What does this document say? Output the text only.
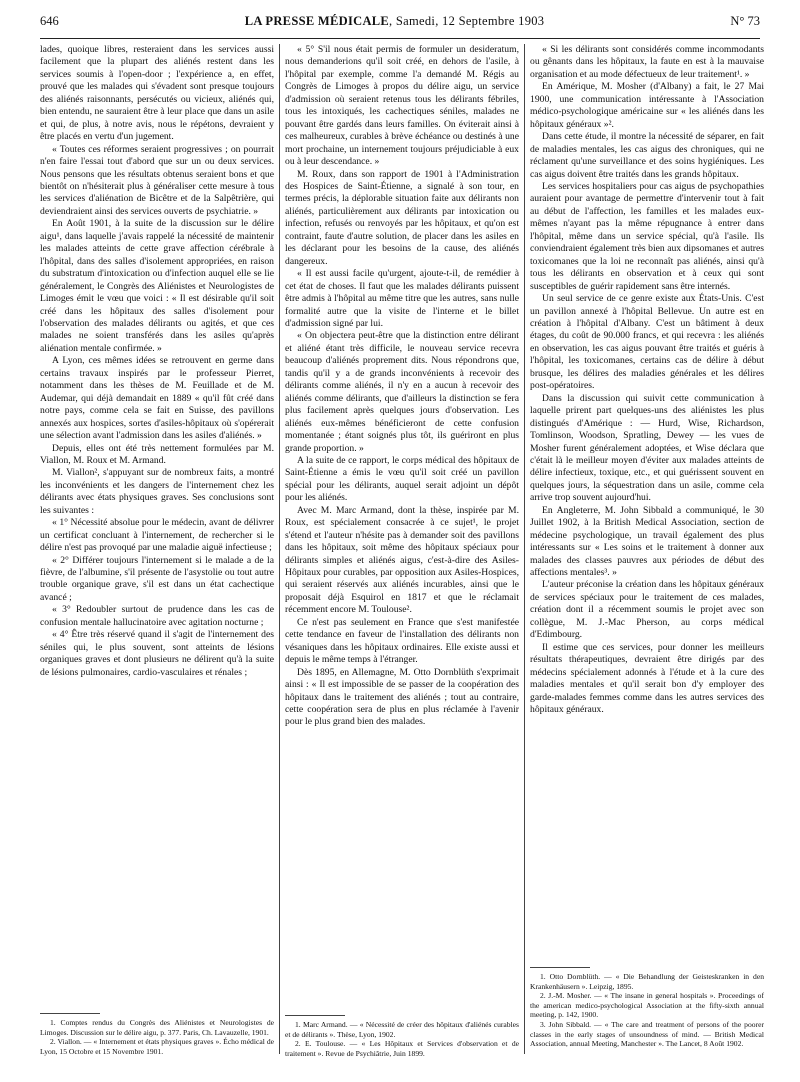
646	LA PRESSE MÉDICALE, Samedi, 12 Septembre 1903	N° 73

lades, quoique libres, resteraient dans les services aussi facilement que la plupart des aliénés restent dans les services soumis à l'open-door ; l'expérience a, en effet, prouvé que les malades qui s'évadent sont presque toujours des aliénés raisonnants, persécutés ou vicieux, aliénés qui, bien entendu, ne sauraient être à leur place que dans un asile et qui, de plus, à notre avis, nous le répétons, devraient y être placés en vertu d'un jugement.

« Toutes ces réformes seraient progressives ; on pourrait n'en faire l'essai tout d'abord que sur un ou deux services. Nous pensons que les résultats obtenus seraient bons et que bientôt on n'hésiterait plus à généraliser cette mesure à tous les services d'aliénation de Bicêtre et de la Salpêtrière, qui deviendraient ainsi des services ouverts de psychiatrie. »

En Août 1901, à la suite de la discussion sur le délire aigu¹, dans laquelle j'avais rappelé la nécessité de maintenir les malades atteints de cette grave affection cérébrale à l'hôpital, dans des salles d'isolement appropriées, en raison du substratum d'intoxication ou d'infection auquel elle se lie généralement, le Congrès des Aliénistes et Neurologistes de Limoges émit le vœu que voici : « Il est désirable qu'il soit créé dans les hôpitaux des salles d'isolement pour l'observation des malades délirants ou agités, et que ces malades ne soient transférés dans les asiles qu'après aliénation mentale confirmée. »

A Lyon, ces mêmes idées se retrouvent en germe dans certains travaux inspirés par le professeur Pierret, notamment dans les thèses de M. Feuillade et de M. Audemar, qui déjà demandait en 1889 « qu'il fût créé dans notre pays, comme cela se fait en Suisse, des pavillons annexés aux hospices, sortes d'asiles-hôpitaux où s'opérerait une sélection avant l'admission dans les asiles d'aliénés. »

Depuis, elles ont été très nettement formulées par M. Viallon, M. Roux et M. Armand.

M. Viallon², s'appuyant sur de nombreux faits, a montré les inconvénients et les dangers de l'internement chez les délirants avec états physiques graves. Ses conclusions sont les suivantes :

« 1° Nécessité absolue pour le médecin, avant de délivrer un certificat concluant à l'internement, de rechercher si le délire n'est pas provoqué par une maladie aiguë infectieuse ;

« 2° Différer toujours l'internement si le malade a de la fièvre, de l'albumine, s'il présente de l'asystolie ou tout autre trouble organique grave, s'il est dans un état cachectique avancé ;

« 3° Redoubler surtout de prudence dans les cas de confusion mentale hallucinatoire avec agitation nocturne ;

« 4° Être très réservé quand il s'agit de l'internement des séniles qui, le plus souvent, sont atteints de lésions organiques graves et dont plusieurs ne délirent qu'à la suite de lésions pulmonaires, cardio-vasculaires et rénales ;

« 5° S'il nous était permis de formuler un desideratum, nous demanderions qu'il soit créé, en dehors de l'asile, à l'hôpital par exemple, comme l'a demandé M. Régis au Congrès de Limoges à propos du délire aigu, un service d'admission où seraient retenus tous les délirants fébriles, tous les intoxiqués, les cachectiques séniles, malades ne pouvant être gardés dans leurs familles. On éviterait ainsi à ces malheureux, curables à brève échéance ou destinés à une mort prochaine, un internement toujours préjudiciable à eux ou à leur descendance. »

M. Roux, dans son rapport de 1901 à l'Administration des Hospices de Saint-Étienne, a signalé à son tour, en termes précis, la déplorable situation faite aux délirants non aliénés, particulièrement aux délirants par intoxication ou infection, refusés ou renvoyés par les hôpitaux, et qu'on est contraint, faute d'autre solution, de placer dans les asiles en les déclarant pour les besoins de la cause, des aliénés dangereux.

« Il est aussi facile qu'urgent, ajoute-t-il, de remédier à cet état de choses. Il faut que les malades délirants puissent être admis à l'hôpital au même titre que les autres, sans nulle formalité autre que la visite de l'interne et le billet d'admission signé par lui.

« On objectera peut-être que la distinction entre délirant et aliéné étant très difficile, le nouveau service recevra beaucoup d'aliénés proprement dits. Nous répondrons que, tandis qu'il y a de grands inconvénients à recevoir des délirants comme aliénés, il n'y en a aucun à recevoir des aliénés comme délirants, que d'ailleurs la distinction se fera plus facilement après quelques jours d'observation. Les aliénés eux-mêmes bénéficieront de cette confusion momentanée ; étant soignés plus tôt, ils guériront en plus grande proportion. »

A la suite de ce rapport, le corps médical des hôpitaux de Saint-Étienne a émis le vœu qu'il soit créé un pavillon spécial pour les délirants, auquel serait adjoint un dépôt pour les aliénés.

Avec M. Marc Armand, dont la thèse, inspirée par M. Roux, est spécialement consacrée à ce sujet¹, le projet s'étend et l'auteur n'hésite pas à demander soit des pavillons dans les hôpitaux, soit même des hôpitaux spéciaux pour délirants simples et aliénés aigus, c'est-à-dire des Asiles-Hôpitaux pour curables, par opposition aux Asiles-Hospices, qui seraient réservés aux aliénés incurables, ainsi que le proposait déjà Esquirol en 1817 et que le réclamait récemment encore M. Toulouse².

Ce n'est pas seulement en France que s'est manifestée cette tendance en faveur de l'installation des délirants non vésaniques dans les hôpitaux ordinaires. Elle existe aussi et depuis le même temps à l'étranger.

Dès 1895, en Allemagne, M. Otto Dornblüth s'exprimait ainsi : « Il est impossible de se passer de la coopération des hôpitaux dans le traitement des aliénés ; tout au contraire, cette coopération sera de plus en plus réclamée à l'avenir pour le plus grand bien des malades.

« Si les délirants sont considérés comme incommodants ou gênants dans les hôpitaux, la faute en est à la mauvaise organisation et au mode défectueux de leur traitement¹. »

En Amérique, M. Mosher (d'Albany) a fait, le 27 Mai 1900, une communication intéressante à l'Association médico-psychologique américaine sur « les aliénés dans les hôpitaux généraux »².

Dans cette étude, il montre la nécessité de séparer, en fait de maladies mentales, les cas aigus des chroniques, qui ne réclament qu'une surveillance et des soins hygiéniques. Les cas aigus doivent être traités dans les grands hôpitaux.

Les services hospitaliers pour cas aigus de psychopathies auraient pour avantage de permettre d'intervenir tout à fait au début de l'affection, les familles et les malades eux-mêmes n'ayant pas la même répugnance à entrer dans l'hôpital, même dans un service spécial, qu'à l'asile. Ils conviendraient également très bien aux dipsomanes et autres toxicomanes que la loi ne reconnaît pas aliénés, ainsi qu'à tous les délirants en observation et à ceux qui sont susceptibles de guérir rapidement sans être internés.

Un seul service de ce genre existe aux États-Unis. C'est un pavillon annexé à l'hôpital Bellevue. Un autre est en création à l'hôpital d'Albany. C'est un bâtiment à deux étages, du coût de 90.000 francs, et qui recevra : les aliénés en observation, les cas aigus pouvant être traités et guéris à l'hôpital, les toxicomanes, certains cas de délire à début brusque, les délires des maladies générales et les délires post-opératoires.

Dans la discussion qui suivit cette communication à laquelle prirent part quelques-uns des aliénistes les plus distingués d'Amérique : — Hurd, Wise, Richardson, Tomlinson, Woodson, Spratling, Dewey — les vues de Mosher furent généralement adoptées, et Wise déclara que c'était là le meilleur moyen d'éviter aux malades atteints de délire infectieux, toxique, etc., et qui guérissent souvent en quelques jours, la séquestration dans un asile, comme cela arrive trop souvent aujourd'hui.

En Angleterre, M. John Sibbald a communiqué, le 30 Juillet 1902, à la British Medical Association, section de médecine psychologique, un travail également des plus intéressants sur « Les soins et le traitement à donner aux malades des classes pauvres aux périodes de début des affections mentales³. »

L'auteur préconise la création dans les hôpitaux généraux de services spéciaux pour le traitement de ces malades, création dont il a récemment soumis le projet avec son collègue, M. J.-Mac Pherson, au corps médical d'Edimbourg.

Il estime que ces services, pour donner les meilleurs résultats thérapeutiques, devraient être dirigés par des médecins spécialement adonnés à l'étude et à la cure des maladies mentales et qu'il serait bon d'y employer des garde-malades femmes comme dans les autres services des hôpitaux généraux.

1. Comptes rendus du Congrès des Aliénistes et Neurologistes de Limoges. Discussion sur le délire aigu, p. 377. Paris, Ch. Lavauzelle, 1901.

2. Viallon. — « Internement et états physiques graves ». Écho médical de Lyon, 15 Octobre et 15 Novembre 1901.

1. Marc Armand. — « Nécessité de créer des hôpitaux d'aliénés curables et de délirants ». Thèse, Lyon, 1902.

2. E. Toulouse. — « Les Hôpitaux et Services d'observation et de traitement ». Revue de Psychiâtrie, Juin 1899.

1. Otto Dornblüth. — « Die Behandlung der Geisteskranken in den Krankenhäusern ». Leipzig, 1895.

2. J.-M. Mosher. — « The insane in general hospitals ». Proceedings of the american medico-psychological Association at the fifty-sixth annual meeting, p. 142, 1900.

3. John Sibbald. — « The care and treatment of persons of the poorer classes in the early stages of unsoundness of mind. — British Medical Association, annual Meeting, Manchester ». The Lancet, 8 Août 1902.
